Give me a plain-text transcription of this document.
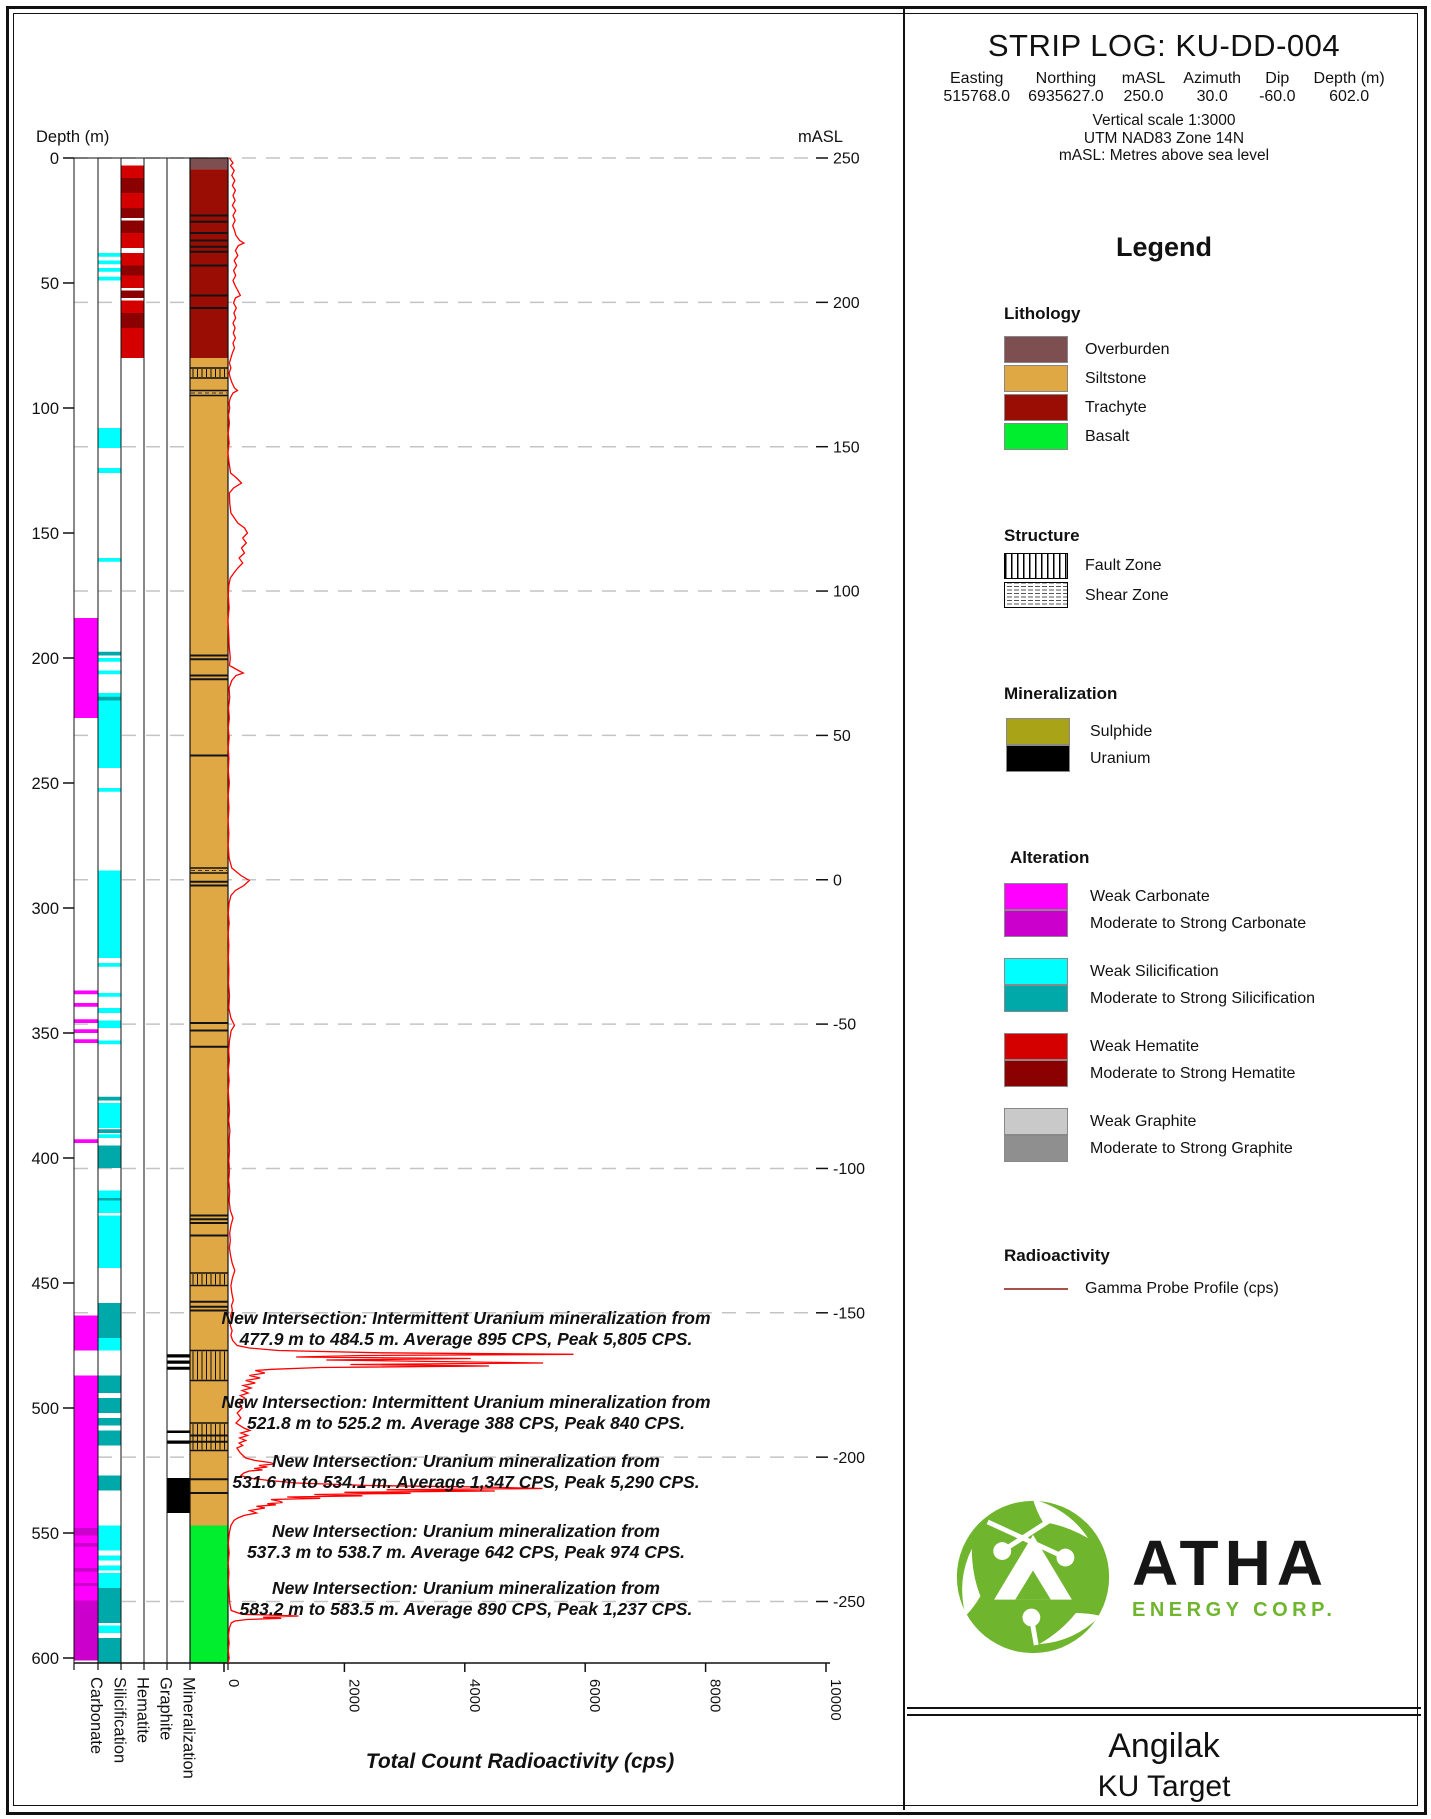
Depth (m)	mASL
0
50
100
150
200
250
300
350
400
450
500
550
600
250
200
150
100
50
0
-50
-100
-150
-200
-250
0	2000	4000	6000	8000	10000
Carbonate Silicification Hematite Graphite Mineralization	Total Count Radioactivity (cps)
New Intersection: Intermittent Uranium mineralization from
477.9 m to 484.5 m. Average 895 CPS, Peak 5,805 CPS.
New Intersection: Intermittent Uranium mineralization from
521.8 m to 525.2 m. Average 388 CPS, Peak 840 CPS.
New Intersection: Uranium mineralization from
531.6 m to 534.1 m. Average 1,347 CPS, Peak 5,290 CPS.
New Intersection: Uranium mineralization from
537.3 m to 538.7 m. Average 642 CPS, Peak 974 CPS.
New Intersection: Uranium mineralization from
583.2 m to 583.5 m. Average 890 CPS, Peak 1,237 CPS.
STRIP LOG: KU-DD-004
Easting
515768.0
Northing
6935627.0
mASL
250.0
Azimuth
30.0
Dip
-60.0
Depth (m)
602.0
Vertical scale 1:3000
UTM NAD83 Zone 14N
mASL: Metres above sea level
Legend
Lithology
Structure
Fault Zone
Shear Zone
Mineralization
Alteration
Radioactivity
Gamma Probe Profile (cps)
ATHA
ENERGY CORP.
Angilak
KU Target
Overburden
Siltstone
Trachyte
Basalt
Sulphide
Uranium
Weak Carbonate
Moderate to Strong Carbonate
Weak Silicification
Moderate to Strong Silicification
Weak Hematite
Moderate to Strong Hematite
Weak Graphite
Moderate to Strong Graphite
